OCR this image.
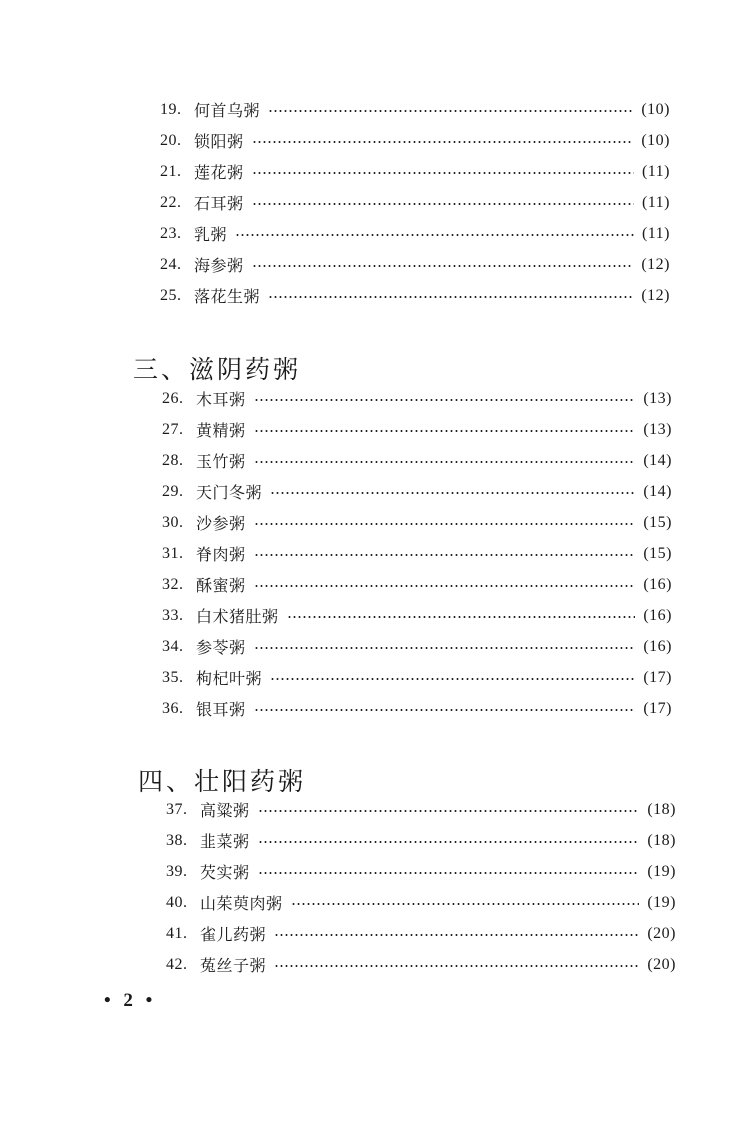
19. 何首乌粥	(10)
20. 锁阳粥	(10)
21. 莲花粥	(11)
22. 石耳粥	(11)
23. 乳粥	(11)
24. 海参粥	(12)
25. 落花生粥	(12)
三、滋阴药粥
26. 木耳粥	(13)
27. 黄精粥	(13)
28. 玉竹粥	(14)
29. 天门冬粥	(14)
30. 沙参粥	(15)
31. 脊肉粥	(15)
32. 酥蜜粥	(16)
33. 白术猪肚粥	(16)
34. 参苓粥	(16)
35. 枸杞叶粥	(17)
36. 银耳粥	(17)
四、壮阳药粥
37. 高粱粥	(18)
38. 韭菜粥	(18)
39. 芡实粥	(19)
40. 山茱萸肉粥	(19)
41. 雀儿药粥	(20)
42. 菟丝子粥	(20)
• 2 •
